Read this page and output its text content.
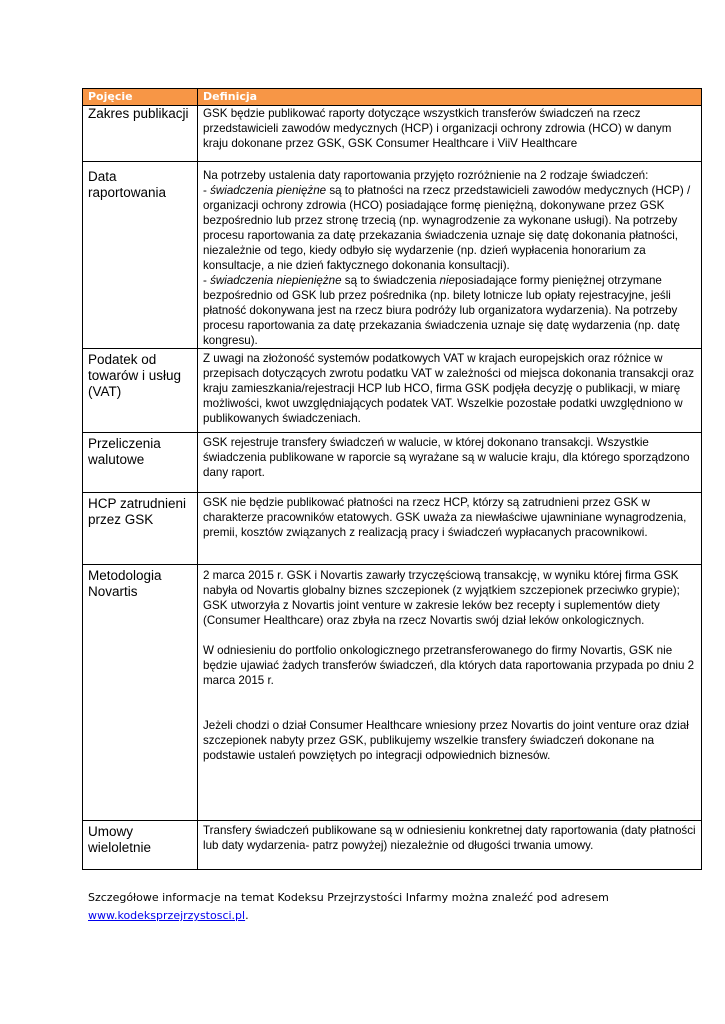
Pojęcie	Definicja
Zakres publikacji	GSK będzie publikować raporty dotyczące wszystkich transferów świadczeń na rzecz przedstawicieli zawodów medycznych (HCP) i organizacji ochrony zdrowia (HCO) w danym kraju dokonane przez GSK, GSK Consumer Healthcare i ViiV Healthcare

Data raportowania	Na potrzeby ustalenia daty raportowania przyjęto rozróżnienie na 2 rodzaje świadczeń:

- świadczenia pieniężne są to płatności na rzecz przedstawicieli zawodów medycznych (HCP) / organizacji ochrony zdrowia (HCO) posiadające formę pieniężną, dokonywane przez GSK bezpośrednio lub przez stronę trzecią (np. wynagrodzenie za wykonane usługi). Na potrzeby procesu raportowania za datę przekazania świadczenia uznaje się datę dokonania płatności, niezależnie od tego, kiedy odbyło się wydarzenie (np. dzień wypłacenia honorarium za konsultacje, a nie dzień faktycznego dokonania konsultacji).

- świadczenia niepieniężne są to świadczenia nieposiadające formy pieniężnej otrzymane bezpośrednio od GSK lub przez pośrednika (np. bilety lotnicze lub opłaty rejestracyjne, jeśli płatność dokonywana jest na rzecz biura podróży lub organizatora wydarzenia). Na potrzeby procesu raportowania za datę przekazania świadczenia uznaje się datę wydarzenia (np. datę kongresu).

Podatek od towarów i usług (VAT)	Z uwagi na złożoność systemów podatkowych VAT w krajach europejskich oraz różnice w przepisach dotyczących zwrotu podatku VAT w zależności od miejsca dokonania transakcji oraz kraju zamieszkania/rejestracji HCP lub HCO, firma GSK podjęła decyzję o publikacji, w miarę możliwości, kwot uwzględniających podatek VAT. Wszelkie pozostałe podatki uwzględniono w publikowanych świadczeniach.

Przeliczenia walutowe	GSK rejestruje transfery świadczeń w walucie, w której dokonano transakcji. Wszystkie świadczenia publikowane w raporcie są wyrażane są w walucie kraju, dla którego sporządzono dany raport.

HCP zatrudnieni przez GSK	GSK nie będzie publikować płatności na rzecz HCP, którzy są zatrudnieni przez GSK w charakterze pracowników etatowych. GSK uważa za niewłaściwe ujawniniane wynagrodzenia, premii, kosztów związanych z realizacją pracy i świadczeń wypłacanych pracownikowi.

Metodologia Novartis	2 marca 2015 r. GSK i Novartis zawarły trzyczęściową transakcję, w wyniku której firma GSK nabyła od Novartis globalny biznes szczepionek (z wyjątkiem szczepionek przeciwko grypie); GSK utworzyła z Novartis joint venture w zakresie leków bez recepty i suplementów diety (Consumer Healthcare) oraz zbyła na rzecz Novartis swój dział leków onkologicznych.

W odniesieniu do portfolio onkologicznego przetransferowanego do firmy Novartis, GSK nie będzie ujawiać żadych transferów świadczeń, dla których data raportowania przypada po dniu 2 marca 2015 r.

Jeżeli chodzi o dział Consumer Healthcare wniesiony przez Novartis do joint venture oraz dział szczepionek nabyty przez GSK, publikujemy wszelkie transfery świadczeń dokonane na podstawie ustaleń powziętych po integracji odpowiednich biznesów.

Umowy wieloletnie	Transfery świadczeń publikowane są w odniesieniu konkretnej daty raportowania (daty płatności lub daty wydarzenia- patrz powyżej) niezależnie od długości trwania umowy.

Szczegółowe informacje na temat Kodeksu Przejrzystości Infarmy można znaleźć pod adresem
www.kodeksprzejrzystosci.pl.
